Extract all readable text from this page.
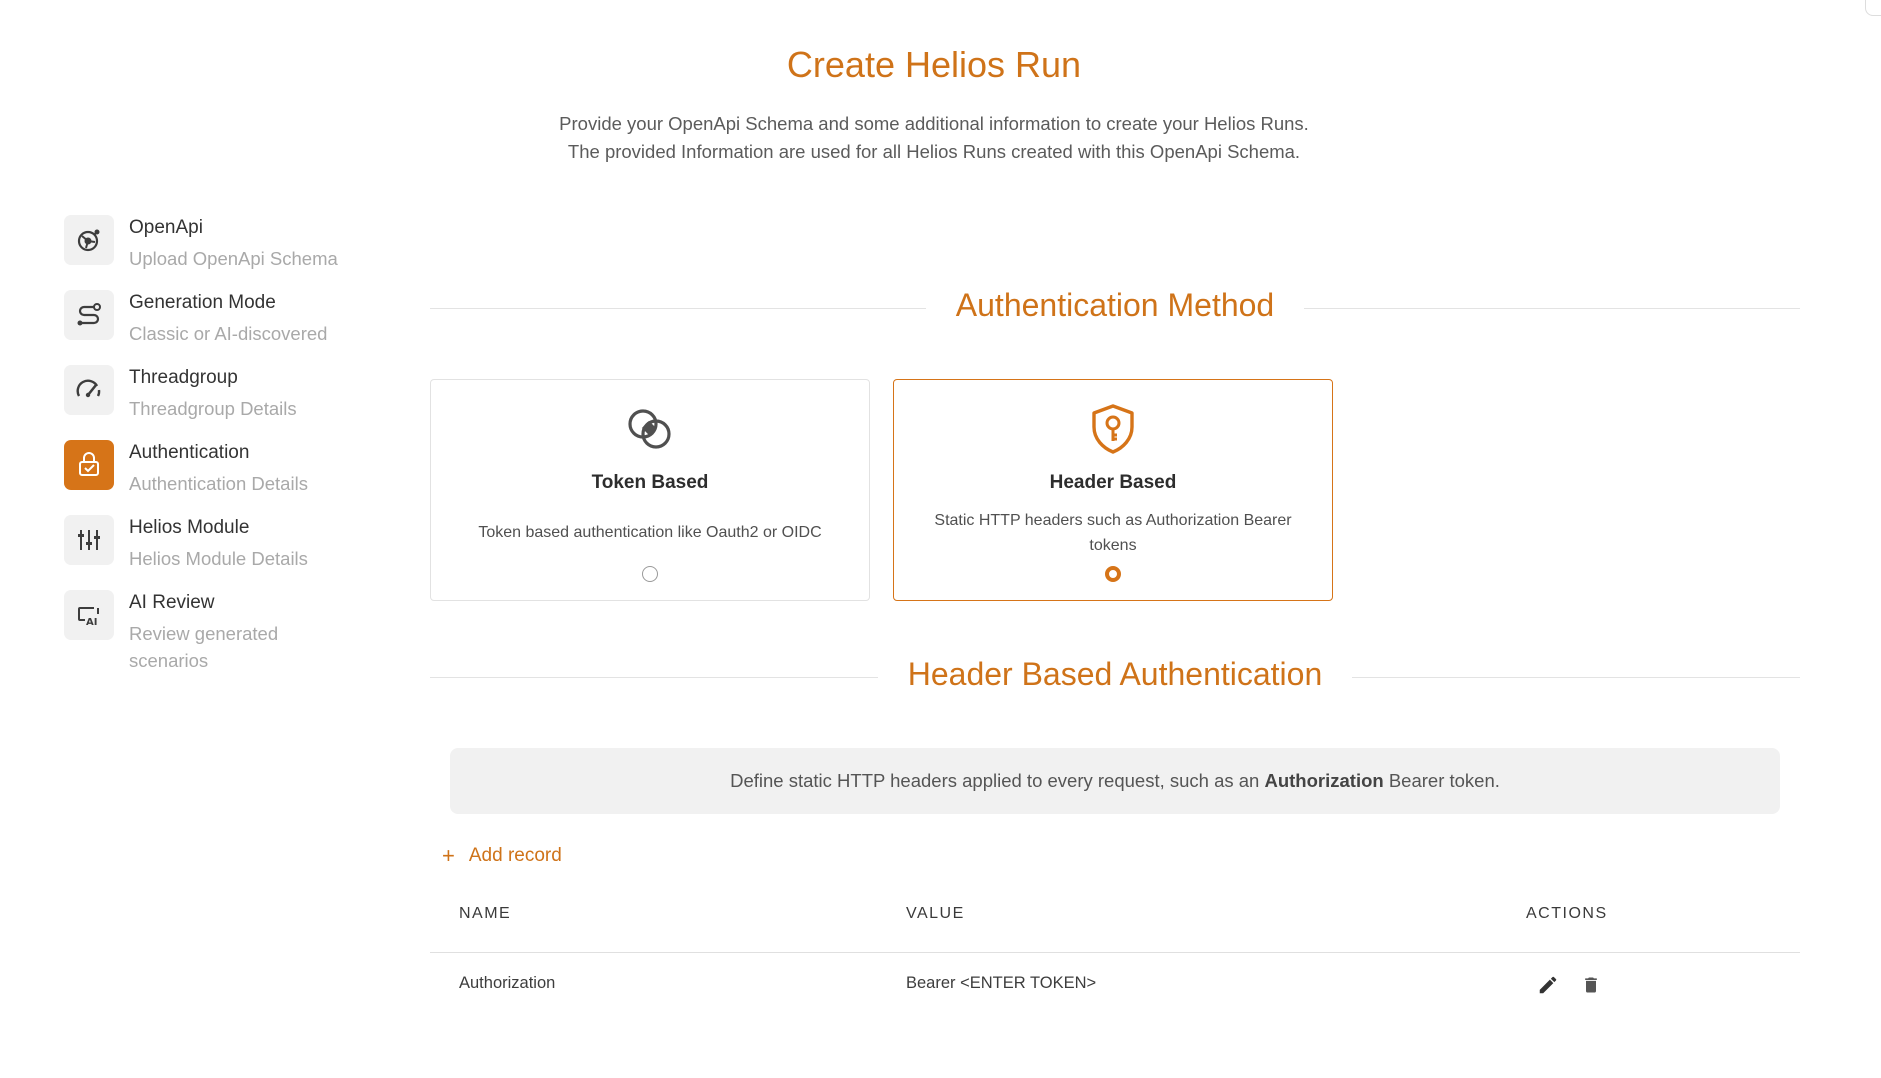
Create Helios Run
Provide your OpenApi Schema and some additional information to create your Helios Runs.
The provided Information are used for all Helios Runs created with this OpenApi Schema.
OpenApi
Upload OpenApi Schema
Generation Mode
Classic or AI-discovered
Threadgroup
Threadgroup Details
Authentication
Authentication Details
Helios Module
Helios Module Details
AI
AI Review
Review generated scenarios
Authentication Method
Token Based
Token based authentication like Oauth2 or OIDC
Header Based
Static HTTP headers such as Authorization Bearer tokens
Header Based Authentication
Define static HTTP headers applied to every request, such as an Authorization Bearer token.
+ Add record
NAME	VALUE	ACTIONS
Authorization	Bearer <ENTER TOKEN>
